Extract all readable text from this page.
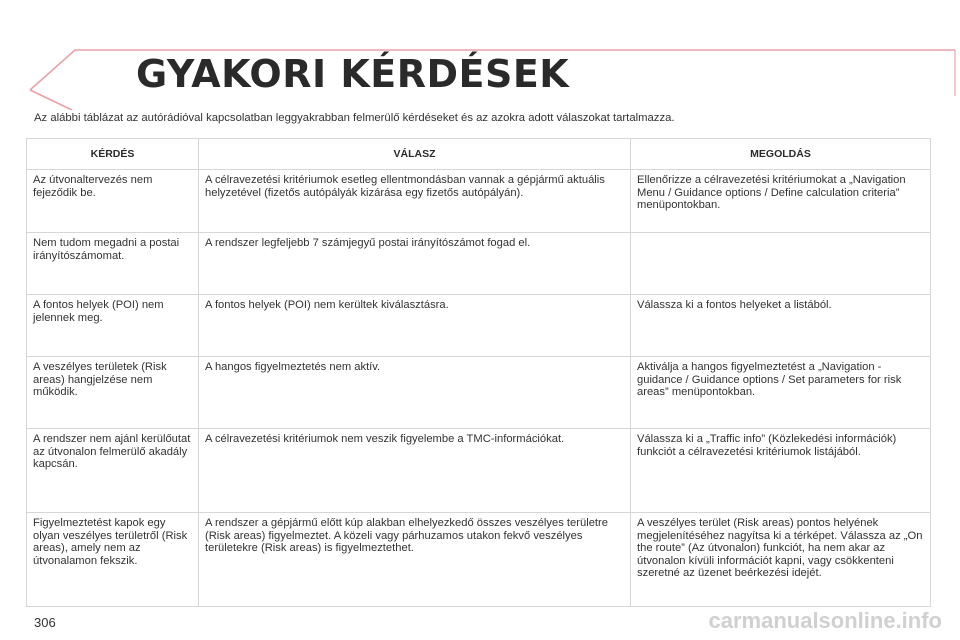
GYAKORI KÉRDÉSEK
Az alábbi táblázat az autórádióval kapcsolatban leggyakrabban felmerülő kérdéseket és az azokra adott válaszokat tartalmazza.
KÉRDÉS	VÁLASZ	MEGOLDÁS
Az útvonaltervezés nem fejeződik be.	A célravezetési kritériumok esetleg ellentmondásban vannak a gépjármű aktuális helyzetével (fizetős autópályák kizárása egy fizetős autópályán).	Ellenőrizze a célravezetési kritériumokat a „Navigation Menu / Guidance options / Define calculation criteria” menüpontokban.
Nem tudom megadni a postai irányítószámomat.	A rendszer legfeljebb 7 számjegyű postai irányítószámot fogad el.	
A fontos helyek (POI) nem jelennek meg.	A fontos helyek (POI) nem kerültek kiválasztásra.	Válassza ki a fontos helyeket a listából.
A veszélyes területek (Risk areas) hangjelzése nem működik.	A hangos figyelmeztetés nem aktív.	Aktiválja a hangos figyelmeztetést a „Navigation - guidance / Guidance options / Set parameters for risk areas” menüpontokban.
A rendszer nem ajánl kerülőutat az útvonalon felmerülő akadály kapcsán.	A célravezetési kritériumok nem veszik figyelembe a TMC-információkat.	Válassza ki a „Traffic info” (Közlekedési információk) funkciót a célravezetési kritériumok listájából.
Figyelmeztetést kapok egy olyan veszélyes területről (Risk areas), amely nem az útvonalamon fekszik.	A rendszer a gépjármű előtt kúp alakban elhelyezkedő összes veszélyes területre (Risk areas) figyelmeztet. A közeli vagy párhuzamos utakon fekvő veszélyes területekre (Risk areas) is figyelmeztethet.	A veszélyes terület (Risk areas) pontos helyének megjelenítéséhez nagyítsa ki a térképet. Válassza az „On the route” (Az útvonalon) funkciót, ha nem akar az útvonalon kívüli információt kapni, vagy csökkenteni szeretné az üzenet beérkezési idejét.
306	carmanualsonline.info
